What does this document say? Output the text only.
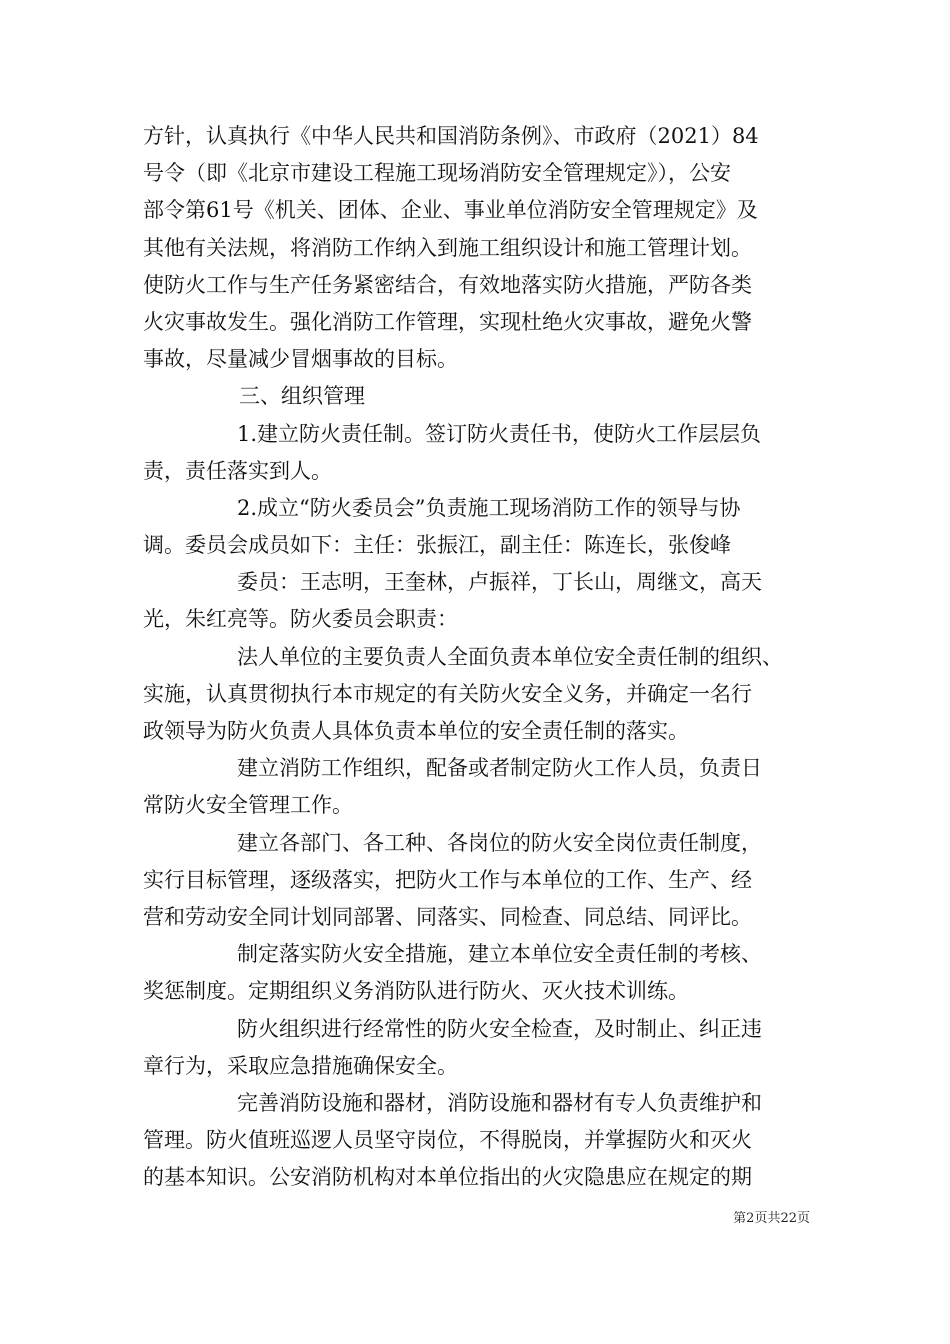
方针，认真执行《中华人民共和国消防条例》、市政府（2021）84
号令（即《北京市建设工程施工现场消防安全管理规定》），公安
部令第61号《机关、团体、企业、事业单位消防安全管理规定》及
其他有关法规，将消防工作纳入到施工组织设计和施工管理计划。
使防火工作与生产任务紧密结合，有效地落实防火措施，严防各类
火灾事故发生。强化消防工作管理，实现杜绝火灾事故，避免火警
事故，尽量减少冒烟事故的目标。
三、组织管理
1.建立防火责任制。签订防火责任书，使防火工作层层负
责，责任落实到人。
2.成立“防火委员会”负责施工现场消防工作的领导与协
调。委员会成员如下：主任：张振江，副主任：陈连长，张俊峰
委员：王志明，王奎林，卢振祥，丁长山，周继文，高天
光，朱红亮等。防火委员会职责：
法人单位的主要负责人全面负责本单位安全责任制的组织、
实施，认真贯彻执行本市规定的有关防火安全义务，并确定一名行
政领导为防火负责人具体负责本单位的安全责任制的落实。
建立消防工作组织，配备或者制定防火工作人员，负责日
常防火安全管理工作。
建立各部门、各工种、各岗位的防火安全岗位责任制度，
实行目标管理，逐级落实，把防火工作与本单位的工作、生产、经
营和劳动安全同计划同部署、同落实、同检查、同总结、同评比。
制定落实防火安全措施，建立本单位安全责任制的考核、
奖惩制度。定期组织义务消防队进行防火、灭火技术训练。
防火组织进行经常性的防火安全检查，及时制止、纠正违
章行为，采取应急措施确保安全。
完善消防设施和器材，消防设施和器材有专人负责维护和
管理。防火值班巡逻人员坚守岗位，不得脱岗，并掌握防火和灭火
的基本知识。公安消防机构对本单位指出的火灾隐患应在规定的期
第2页共22页
